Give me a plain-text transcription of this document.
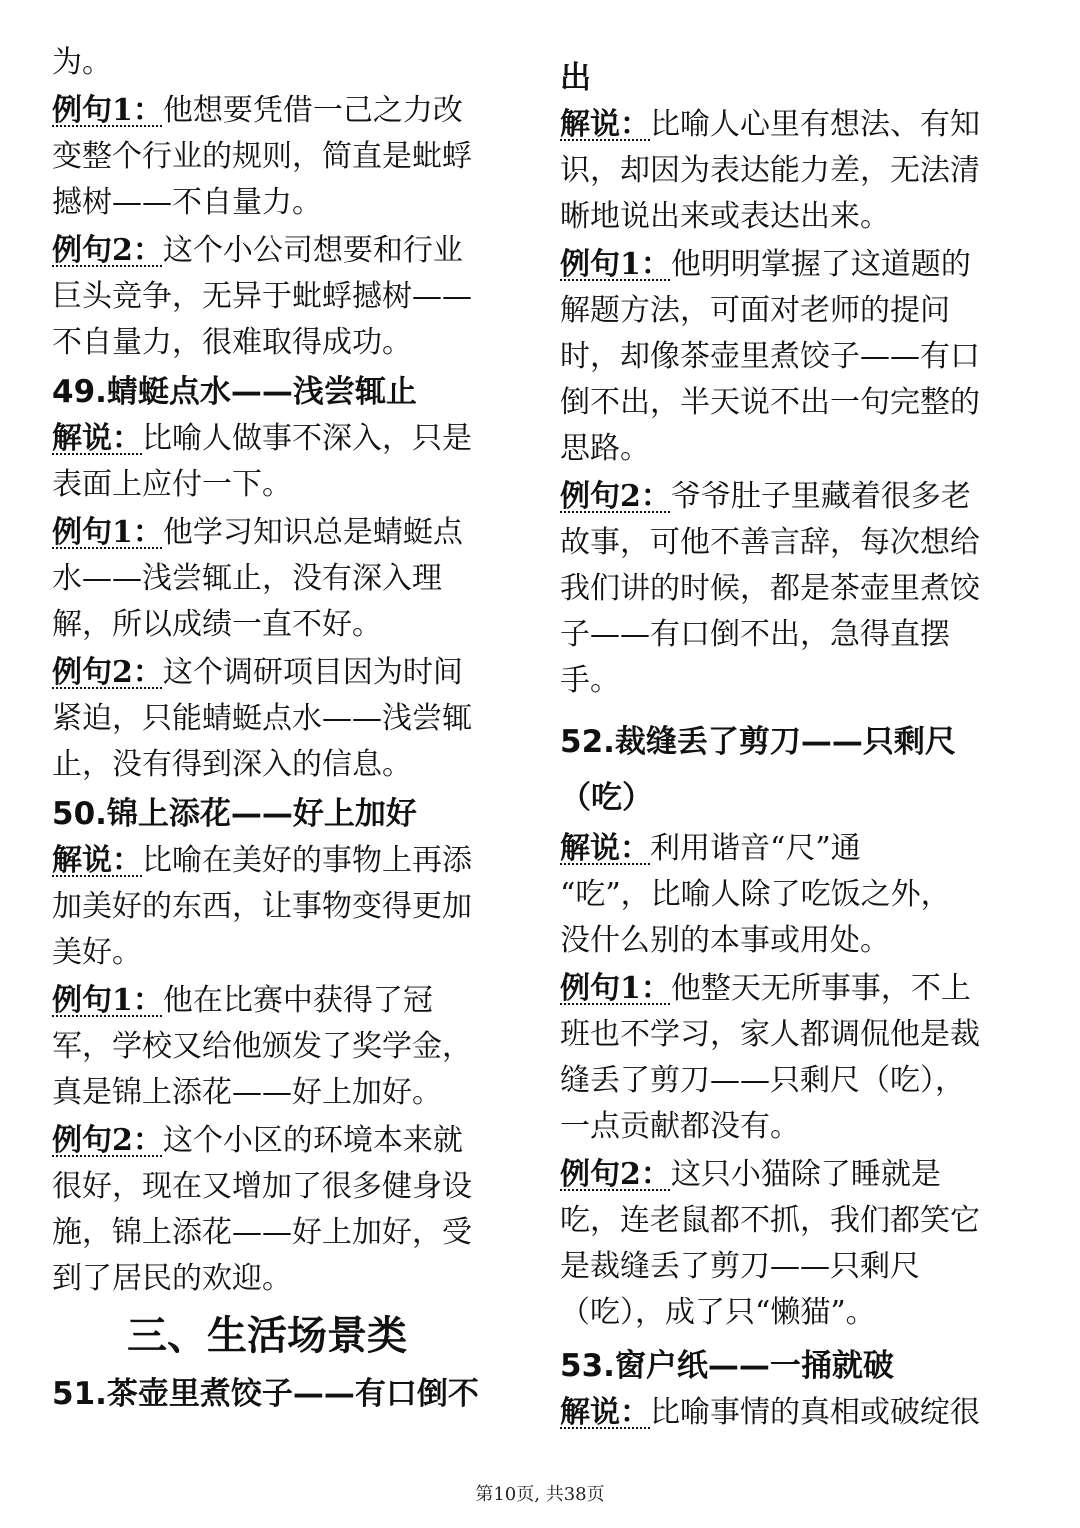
为。

例句1：他想要凭借一己之力改
变整个行业的规则，简直是蚍蜉
撼树——不自量力。

例句2：这个小公司想要和行业
巨头竞争，无异于蚍蜉撼树——
不自量力，很难取得成功。

49.蜻蜓点水——浅尝辄止

解说：比喻人做事不深入，只是
表面上应付一下。

例句1：他学习知识总是蜻蜓点
水——浅尝辄止，没有深入理
解，所以成绩一直不好。

例句2：这个调研项目因为时间
紧迫，只能蜻蜓点水——浅尝辄
止，没有得到深入的信息。

50.锦上添花——好上加好

解说：比喻在美好的事物上再添
加美好的东西，让事物变得更加
美好。

例句1：他在比赛中获得了冠
军，学校又给他颁发了奖学金，
真是锦上添花——好上加好。

例句2：这个小区的环境本来就
很好，现在又增加了很多健身设
施，锦上添花——好上加好，受
到了居民的欢迎。

三、生活场景类
51.茶壶里煮饺子——有口倒不
出

解说：比喻人心里有想法、有知
识，却因为表达能力差，无法清
晰地说出来或表达出来。

例句1：他明明掌握了这道题的
解题方法，可面对老师的提问
时，却像茶壶里煮饺子——有口
倒不出，半天说不出一句完整的
思路。

例句2：爷爷肚子里藏着很多老
故事，可他不善言辞，每次想给
我们讲的时候，都是茶壶里煮饺
子——有口倒不出，急得直摆
手。

52.裁缝丢了剪刀——只剩尺
（吃）

解说：利用谐音“尺”通
“吃”，比喻人除了吃饭之外，
没什么别的本事或用处。

例句1：他整天无所事事，不上
班也不学习，家人都调侃他是裁
缝丢了剪刀——只剩尺（吃），
一点贡献都没有。

例句2：这只小猫除了睡就是
吃，连老鼠都不抓，我们都笑它
是裁缝丢了剪刀——只剩尺
（吃），成了只“懒猫”。

53.窗户纸——一捅就破

解说：比喻事情的真相或破绽很

第10页, 共38页
